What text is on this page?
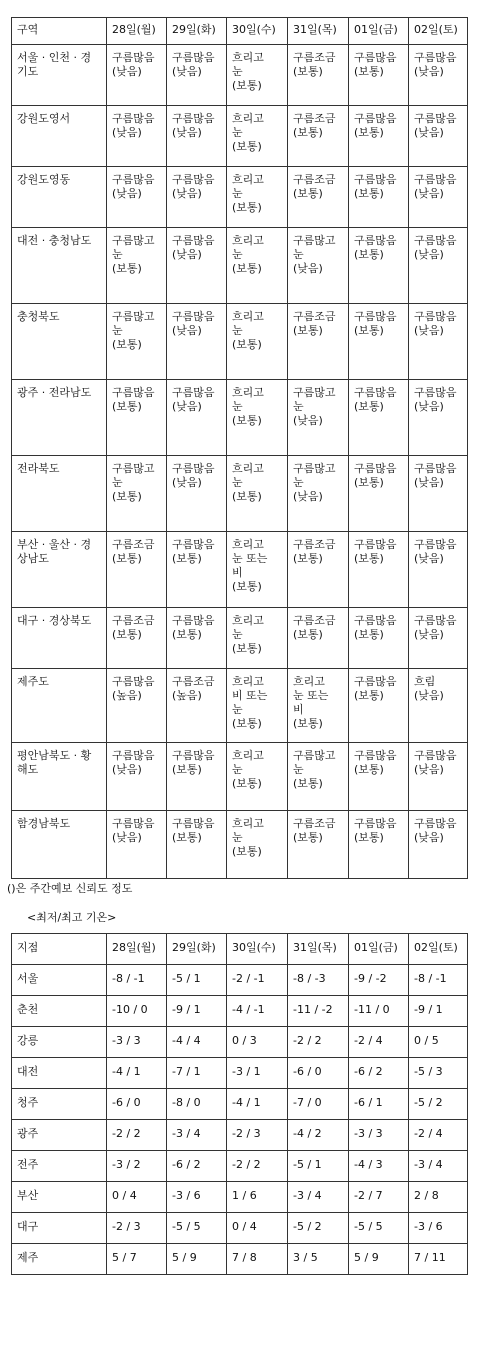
구역	28일(월)	29일(화)	30일(수)	31일(목)	01일(금)	02일(토)
서울 · 인천 · 경
기도	구름많음
(낮음)	구름많음
(낮음)	흐리고
눈
(보통)	구름조금
(보통)	구름많음
(보통)	구름많음
(낮음)
강원도영서	구름많음
(낮음)	구름많음
(낮음)	흐리고
눈
(보통)	구름조금
(보통)	구름많음
(보통)	구름많음
(낮음)
강원도영동	구름많음
(낮음)	구름많음
(낮음)	흐리고
눈
(보통)	구름조금
(보통)	구름많음
(보통)	구름많음
(낮음)
대전 · 충청남도	구름많고
눈
(보통)	구름많음
(낮음)	흐리고
눈
(보통)	구름많고
눈
(낮음)	구름많음
(보통)	구름많음
(낮음)
충청북도	구름많고
눈
(보통)	구름많음
(낮음)	흐리고
눈
(보통)	구름조금
(보통)	구름많음
(보통)	구름많음
(낮음)
광주 · 전라남도	구름많음
(보통)	구름많음
(낮음)	흐리고
눈
(보통)	구름많고
눈
(낮음)	구름많음
(보통)	구름많음
(낮음)
전라북도	구름많고
눈
(보통)	구름많음
(낮음)	흐리고
눈
(보통)	구름많고
눈
(낮음)	구름많음
(보통)	구름많음
(낮음)
부산 · 울산 · 경
상남도	구름조금
(보통)	구름많음
(보통)	흐리고
눈 또는
비
(보통)	구름조금
(보통)	구름많음
(보통)	구름많음
(낮음)
대구 · 경상북도	구름조금
(보통)	구름많음
(보통)	흐리고
눈
(보통)	구름조금
(보통)	구름많음
(보통)	구름많음
(낮음)
제주도	구름많음
(높음)	구름조금
(높음)	흐리고
비 또는
눈
(보통)	흐리고
눈 또는
비
(보통)	구름많음
(보통)	흐림
(낮음)
평안남북도 · 황
해도	구름많음
(낮음)	구름많음
(보통)	흐리고
눈
(보통)	구름많고
눈
(보통)	구름많음
(보통)	구름많음
(낮음)
함경남북도	구름많음
(낮음)	구름많음
(보통)	흐리고
눈
(보통)	구름조금
(보통)	구름많음
(보통)	구름많음
(낮음)
()은 주간예보 신뢰도 정도
<최저/최고 기온>
지점	28일(월)	29일(화)	30일(수)	31일(목)	01일(금)	02일(토)
서울	-8 / -1	-5 / 1	-2 / -1	-8 / -3	-9 / -2	-8 / -1
춘천	-10 / 0	-9 / 1	-4 / -1	-11 / -2	-11 / 0	-9 / 1
강릉	-3 / 3	-4 / 4	0 / 3	-2 / 2	-2 / 4	0 / 5
대전	-4 / 1	-7 / 1	-3 / 1	-6 / 0	-6 / 2	-5 / 3
청주	-6 / 0	-8 / 0	-4 / 1	-7 / 0	-6 / 1	-5 / 2
광주	-2 / 2	-3 / 4	-2 / 3	-4 / 2	-3 / 3	-2 / 4
전주	-3 / 2	-6 / 2	-2 / 2	-5 / 1	-4 / 3	-3 / 4
부산	0 / 4	-3 / 6	1 / 6	-3 / 4	-2 / 7	2 / 8
대구	-2 / 3	-5 / 5	0 / 4	-5 / 2	-5 / 5	-3 / 6
제주	5 / 7	5 / 9	7 / 8	3 / 5	5 / 9	7 / 11
